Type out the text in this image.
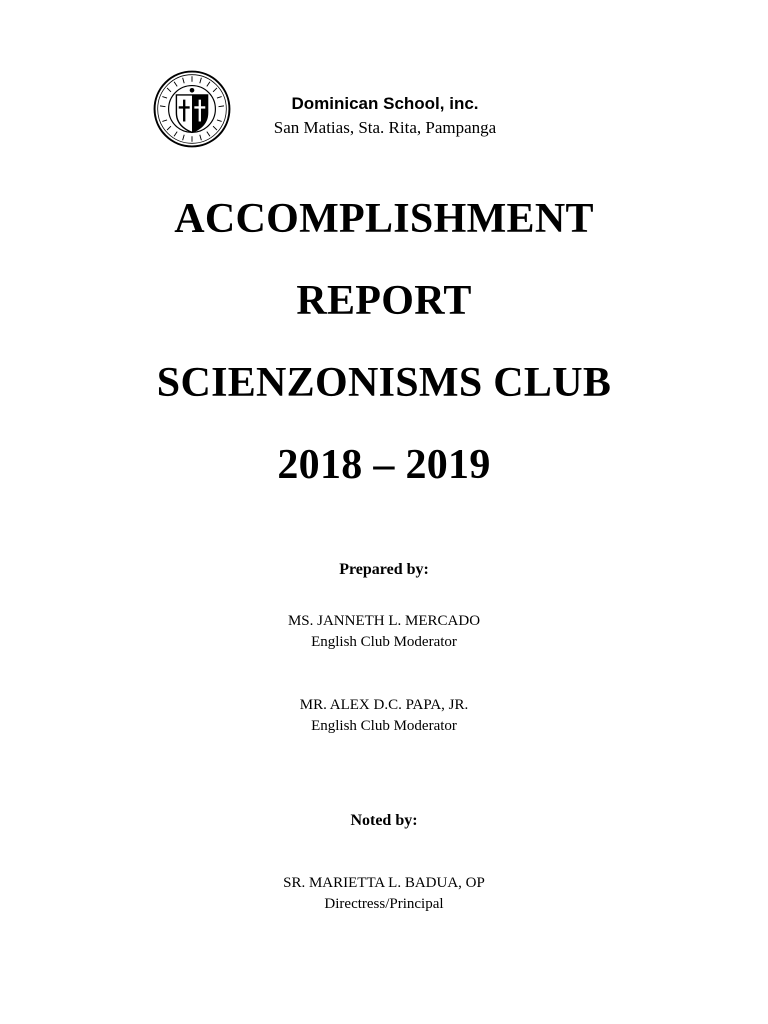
Dominican School, inc.
San Matias, Sta. Rita, Pampanga
ACCOMPLISHMENT
REPORT
SCIENZONISMS CLUB
2018 – 2019
Prepared by:
MS. JANNETH L. MERCADO
English Club Moderator
MR. ALEX D.C. PAPA, JR.
English Club Moderator
Noted by:
SR. MARIETTA L. BADUA, OP
Directress/Principal
